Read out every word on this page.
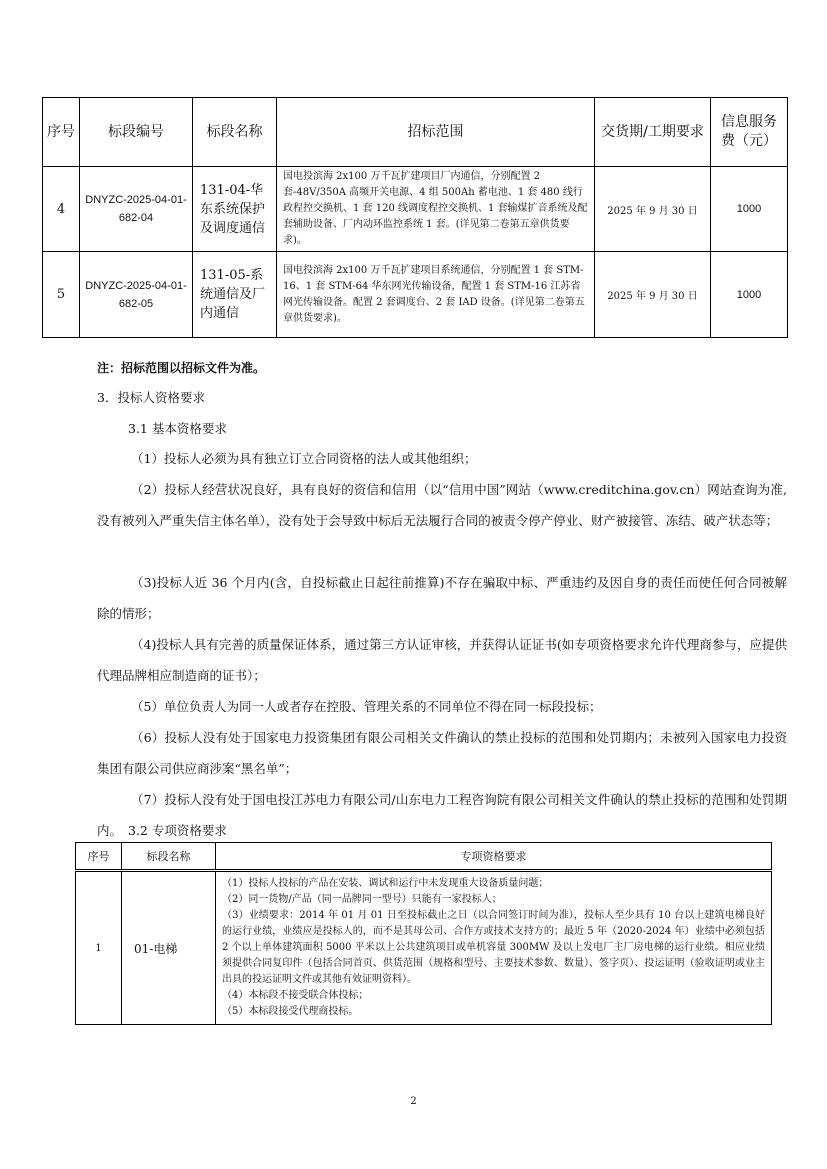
序号	标段编号	标段名称	招标范围	交货期/工期要求	信息服务费（元）
4	DNYZC-2025-04-01-682-04	131-04-华东系统保护及调度通信	国电投滨海 2x100 万千瓦扩建项目厂内通信，分别配置 2 套-48V/350A 高频开关电源、4 组 500Ah 蓄电池、1 套 480 线行政程控交换机、1 套 120 线调度程控交换机、1 套输煤扩音系统及配套辅助设备、厂内动环监控系统 1 套。(详见第二卷第五章供货要求)。	2025 年 9 月 30 日	1000
5	DNYZC-2025-04-01-682-05	131-05-系统通信及厂内通信	国电投滨海 2x100 万千瓦扩建项目系统通信，分别配置 1 套 STM-16、1 套 STM-64 华东网光传输设备，配置 1 套 STM-16 江苏省网光传输设备。配置 2 套调度台、2 套 IAD 设备。(详见第二卷第五章供货要求)。	2025 年 9 月 30 日	1000
注：招标范围以招标文件为准。
3．投标人资格要求
3.1 基本资格要求
（1）投标人必须为具有独立订立合同资格的法人或其他组织；
（2）投标人经营状况良好，具有良好的资信和信用（以“信用中国”网站（www.creditchina.gov.cn）网站查询为准,没有被列入严重失信主体名单），没有处于会导致中标后无法履行合同的被责令停产停业、财产被接管、冻结、破产状态等；
（3)投标人近 36 个月内(含，自投标截止日起往前推算)不存在骗取中标、严重违约及因自身的责任而使任何合同被解除的情形；
（4)投标人具有完善的质量保证体系，通过第三方认证审核，并获得认证证书(如专项资格要求允许代理商参与，应提供代理品牌相应制造商的证书）；
（5）单位负责人为同一人或者存在控股、管理关系的不同单位不得在同一标段投标；
（6）投标人没有处于国家电力投资集团有限公司相关文件确认的禁止投标的范围和处罚期内；未被列入国家电力投资集团有限公司供应商涉案“黑名单”；
（7）投标人没有处于国电投江苏电力有限公司/山东电力工程咨询院有限公司相关文件确认的禁止投标的范围和处罚期内。 3.2 专项资格要求
序号	标段名称	专项资格要求
1	01-电梯	（1）投标人投标的产品在安装、调试和运行中未发现重大设备质量问题；
（2）同一货物/产品（同一品牌同一型号）只能有一家投标人；
（3）业绩要求：2014 年 01 月 01 日至投标截止之日（以合同签订时间为准），投标人至少具有 10 台以上建筑电梯良好的运行业绩，业绩应是投标人的，而不是其母公司、合作方或技术支持方的；最近 5 年（2020-2024 年）业绩中必须包括 2 个以上单体建筑面积 5000 平米以上公共建筑项目或单机容量 300MW 及以上发电厂主厂房电梯的运行业绩。相应业绩须提供合同复印件（包括合同首页、供货范围（规格和型号、主要技术参数、数量）、签字页）、投运证明（验收证明或业主出具的投运证明文件或其他有效证明资料）。
（4）本标段不接受联合体投标；
（5）本标段接受代理商投标。
2
